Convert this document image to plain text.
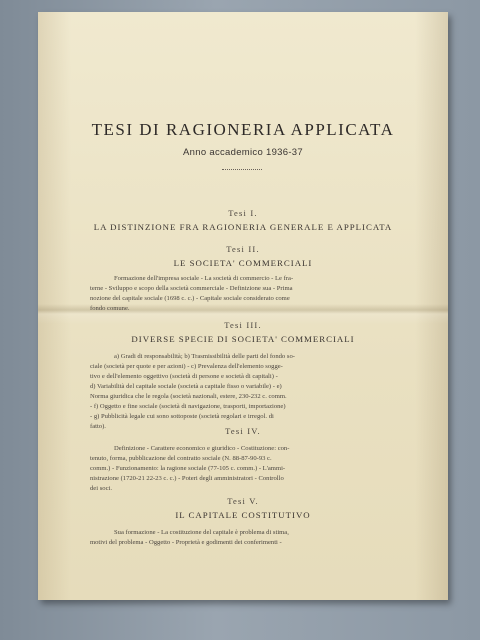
TESI DI RAGIONERIA APPLICATA
Anno accademico 1936-37
Tesi I.
LA DISTINZIONE FRA RAGIONERIA GENERALE E APPLICATA
Tesi II.
LE SOCIETA' COMMERCIALI
Formazione dell'impresa sociale - La società di commercio - Le fra-
terne - Sviluppo e scopo della società commerciale - Definizione sua - Prima
nozione del capitale sociale (1698 c. c.) - Capitale sociale considerato come
fondo comune.
Tesi III.
DIVERSE SPECIE DI SOCIETA' COMMERCIALI
a) Gradi di responsabilità; b) Trasmissibilità delle parti del fondo so-
ciale (società per quote e per azioni) - c) Prevalenza dell'elemento sogge-
tivo e dell'elemento oggettivo (società di persone e società di capitali) -
d) Variabilità del capitale sociale (società a capitale fisso o variabile) - e)
Norma giuridica che le regola (società nazionali, estere, 230-232 c. comm.
- f) Oggetto e fine sociale (società di navigazione, trasporti, importazione)
- g) Pubblicità legale cui sono sottoposte (società regolari e irregol. di
fatto).	Tesi IV.
Definizione - Carattere economico e giuridico - Costituzione: con-
tenuto, forma, pubblicazione del contratto sociale (N. 88-87-90-93 c.
comm.) - Funzionamento: la ragione sociale (77-105 c. comm.) - L'ammi-
nistrazione (1720-21 22-23 c. c.) - Poteri degli amministratori - Controllo
dei soci.
Tesi V.
IL CAPITALE COSTITUTIVO
Sua formazione - La costituzione del capitale è problema di stima,
motivi del problema - Oggetto - Proprietà e godimenti dei conferimenti -
